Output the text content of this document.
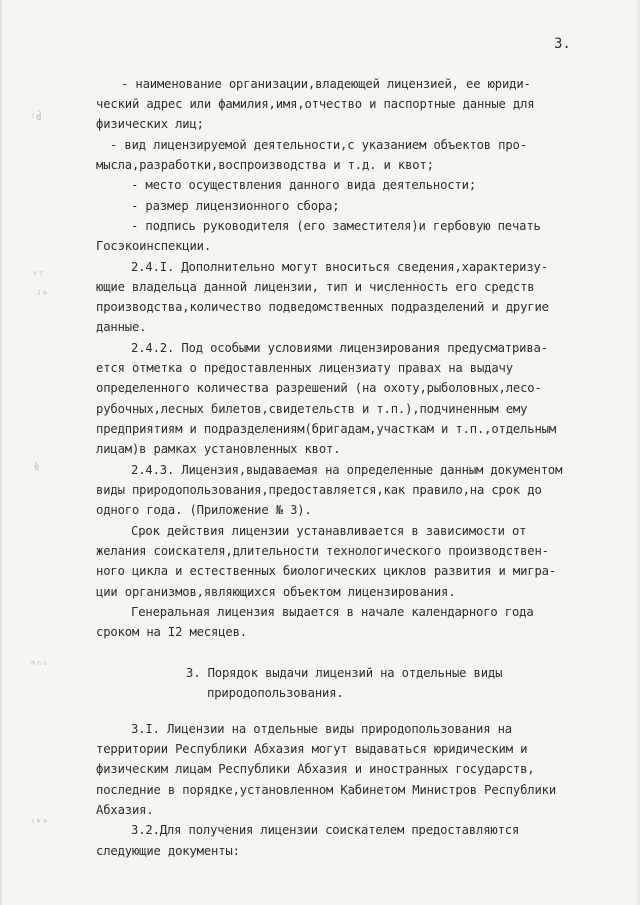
3.
ᵎɗ̀
ᵒᵎ
ᴵᵇ
ꞩ̀
ᵊⁿⁱ
ᶦᵏᵊ
- наименование организации,владеющей лицензией, ее юриди-
ческий адрес или фамилия,имя,отчество и паспортные данные для
физических лиц;
- вид лицензируемой деятельности,с указанием объектов про-
мысла,разработки,воспроизводства и т.д. и квот;
- место осуществления данного вида деятельности;
- размер лицензионного сбора;
- подпись руководителя (его заместителя)и гербовую печать
Госэкоинспекции.
2.4.I. Дополнительно могут вноситься сведения,характеризу-
ющие владельца данной лицензии, тип и численность его средств
производства,количество подведомственных подразделений и другие
данные.
2.4.2. Под особыми условиями лицензирования предусматрива-
ется отметка о предоставленных лицензиату правах на выдачу
определенного количества разрешений (на охоту,рыболовных,лесо-
рубочных,лесных билетов,свидетельств и т.п.),подчиненным ему
предприятиям и подразделениям(бригадам,участкам и т.п.,отдельным
лицам)в рамках установленных квот.
2.4.3. Лицензия,выдаваемая на определенные данным документом
виды природопользования,предоставляется,как правило,на срок до
одного года. (Приложение № 3).
Срок действия лицензии устанавливается в зависимости от
желания соискателя,длительности технологического производствен-
ного цикла и естественных биологических циклов развития и мигра-
ции организмов,являющихся объектом лицензирования.
Генеральная лицензия выдается в начале календарного года
сроком на I2 месяцев.
3. Порядок выдачи лицензий на отдельные виды
природопользования.
3.I. Лицензии на отдельные виды природопользования на
территории Республики Абхазия могут выдаваться юридическим и
физическим лицам Республики Абхазия и иностранных государств,
последние в порядке,установленном Кабинетом Министров Республики
Абхазия.
3.2.Для получения лицензии соискателем предоставляются
следующие документы:
